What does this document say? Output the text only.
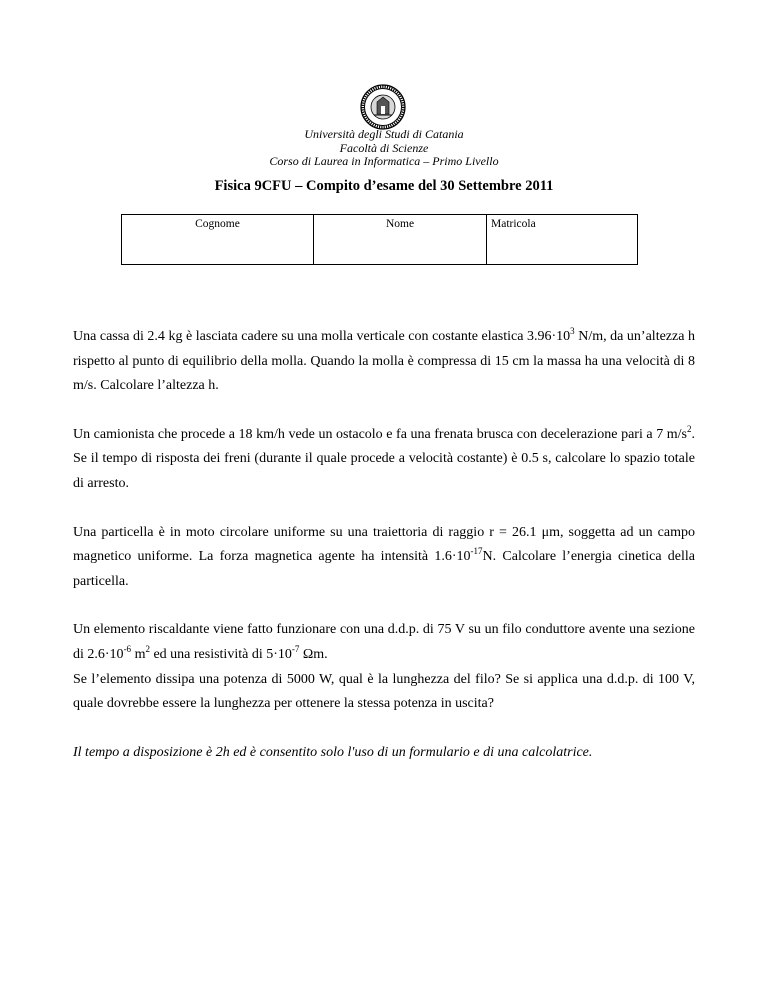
Università degli Studi di Catania
Facoltà di Scienze
Corso di Laurea in Informatica – Primo Livello
Fisica 9CFU – Compito d’esame del 30 Settembre 2011
Cognome	Nome	Matricola

Una cassa di 2.4 kg è lasciata cadere su una molla verticale con costante elastica $3.96\cdot 10^3$ N/m, da un’altezza h rispetto al punto di equilibrio della molla. Quando la molla è compressa di 15 cm la massa ha una velocità di 8 m/s. Calcolare l’altezza h.

Un camionista che procede a 18 km/h vede un ostacolo e fa una frenata brusca con decelerazione pari a 7 $m/s^2$. Se il tempo di risposta dei freni (durante il quale procede a velocità costante) è 0.5 s, calcolare lo spazio totale di arresto.

Una particella è in moto circolare uniforme su una traiettoria di raggio r = 26.1 μm, soggetta ad un campo magnetico uniforme. La forza magnetica agente ha intensità $1.6\cdot 10^{-17}N$. Calcolare l’energia cinetica della particella.

Un elemento riscaldante viene fatto funzionare con una d.d.p. di 75 V su un filo conduttore avente una sezione di $2.6\cdot 10^{-6}$ $m^2$ ed una resistività di $5\cdot 10^{-7}$ Ωm.

Se l’elemento dissipa una potenza di 5000 W, qual è la lunghezza del filo? Se si applica una d.d.p. di 100 V, quale dovrebbe essere la lunghezza per ottenere la stessa potenza in uscita?

Il tempo a disposizione è 2h ed è consentito solo l'uso di un formulario e di una calcolatrice.
